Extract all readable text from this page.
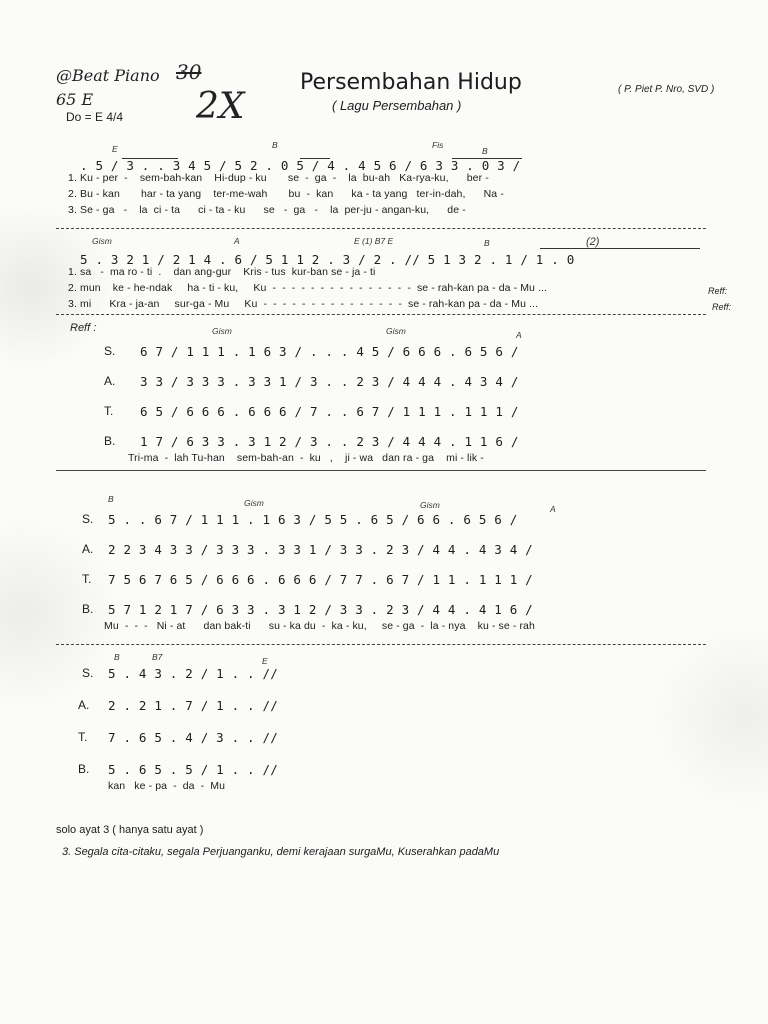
@Beat Piano
65 E
30
2X
Persembahan Hidup
( Lagu Persembahan )
( P. Piet P. Nro, SVD )
Do = E 4/4
E	B	Fis
B
. 5 / 3 . . 3 4 5 / 5 2 . 0 5 / 4 . 4 5 6 / 6 3 3 . 0 3 /
1. Ku - per  -    sem-bah-kan    Hi-dup - ku       se  -  ga  -    la  bu-ah   Ka-rya-ku,      ber -
2. Bu - kan       har - ta yang    ter-me-wah       bu  -  kan      ka - ta yang   ter-in-dah,      Na -
3. Se - ga   -    la  ci - ta      ci - ta - ku      se   -  ga   -    la  per-ju - angan-ku,      de -
Gism	A	E (1) B7 E	B	(2)
5 . 3 2 1 / 2 1 4 . 6 / 5 1 1 2 . 3 / 2 . // 5 1 3 2 . 1 / 1 . 0
1. sa   -  ma ro - ti  .    dan ang-gur    Kris - tus  kur-ban se - ja - ti
2. mun    ke - he-ndak     ha - ti - ku,     Ku  -  -  -  -  -  -  -  -  -  -  -  -  -  -  -  se - rah-kan pa - da - Mu ...
3. mi      Kra - ja-an     sur-ga - Mu     Ku  -  -  -  -  -  -  -  -  -  -  -  -  -  -  -  se - rah-kan pa - da - Mu ...
Reff:
Reff:
Reff :	Gism	Gism	A
S. 6 7 / 1 1 1 . 1 6 3 / . . . 4 5 / 6 6 6 . 6 5 6 /
A. 3 3 / 3 3 3 . 3 3 1 / 3 . . 2 3 / 4 4 4 . 4 3 4 /
T. 6 5 / 6 6 6 . 6 6 6 / 7 . . 6 7 / 1 1 1 . 1 1 1 /
B. 1 7 / 6 3 3 . 3 1 2 / 3 . . 2 3 / 4 4 4 . 1 1 6 /
Tri-ma  -  lah Tu-han    sem-bah-an  -  ku   ,    ji - wa   dan ra - ga    mi - lik -
B	Gism	Gism	A
S. 5 . . 6 7 / 1 1 1 . 1 6 3 / 5 5 . 6 5 / 6 6 . 6 5 6 /
A. 2 2 3 4 3 3 / 3 3 3 . 3 3 1 / 3 3 . 2 3 / 4 4 . 4 3 4 /
T. 7 5 6 7 6 5 / 6 6 6 . 6 6 6 / 7 7 . 6 7 / 1 1 . 1 1 1 /
B. 5 7 1 2 1 7 / 6 3 3 . 3 1 2 / 3 3 . 2 3 / 4 4 . 4 1 6 /
Mu  -  -  -   Ni - at      dan bak-ti      su - ka du  -  ka - ku,     se - ga  -  la - nya    ku - se - rah
B	B7	E
S. 5 . 4 3 . 2 / 1 . . //
A. 2 . 2 1 . 7 / 1 . . //
T. 7 . 6 5 . 4 / 3 . . //
B. 5 . 6 5 . 5 / 1 . . //
kan   ke - pa  -  da  -  Mu
solo ayat 3 ( hanya satu ayat )
3. Segala cita-citaku, segala Perjuanganku, demi kerajaan surgaMu, Kuserahkan padaMu
